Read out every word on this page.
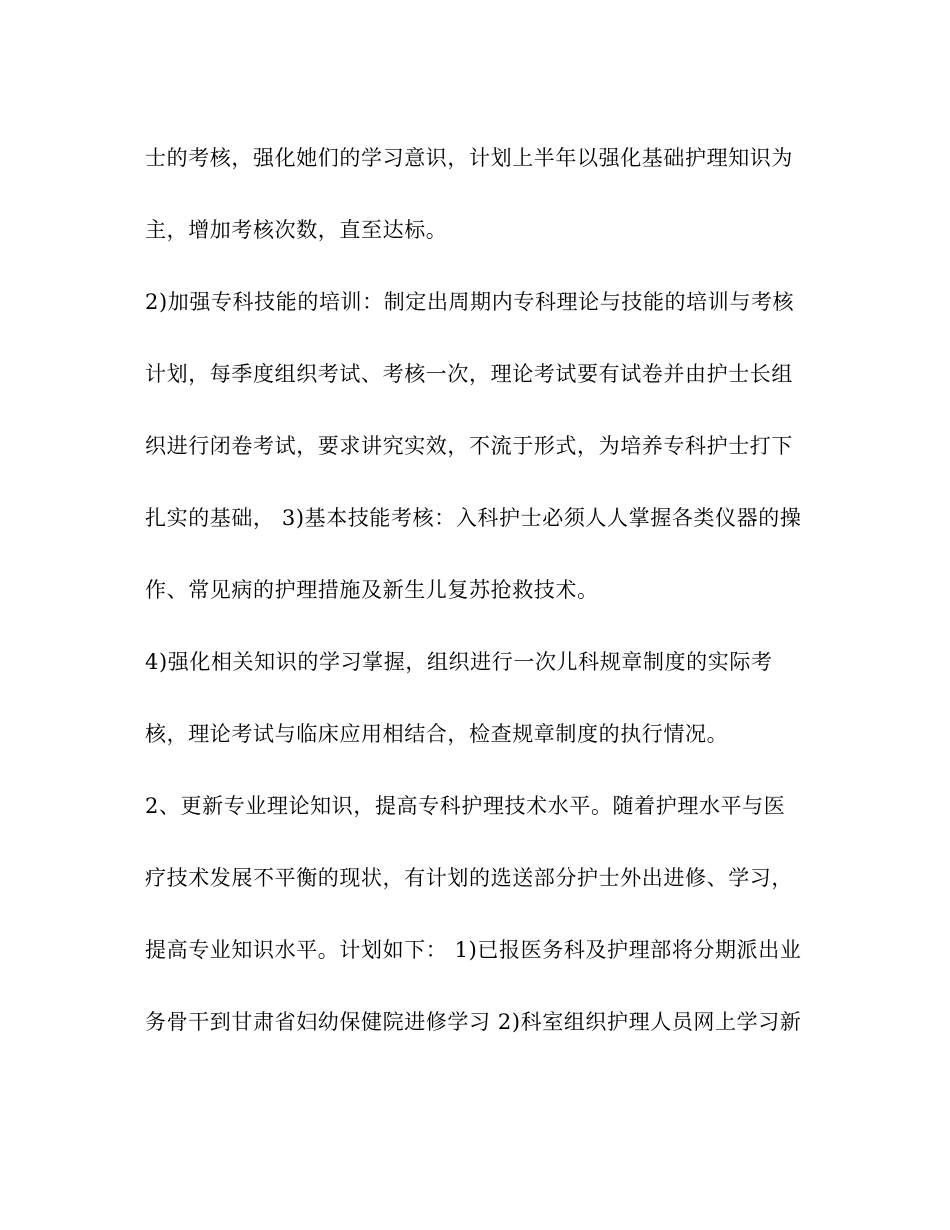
士的考核，强化她们的学习意识，计划上半年以强化基础护理知识为
主，增加考核次数，直至达标。
2)加强专科技能的培训：制定出周期内专科理论与技能的培训与考核
计划，每季度组织考试、考核一次，理论考试要有试卷并由护士长组
织进行闭卷考试，要求讲究实效，不流于形式，为培养专科护士打下
扎实的基础， 3)基本技能考核：入科护士必须人人掌握各类仪器的操
作、常见病的护理措施及新生儿复苏抢救技术。
4)强化相关知识的学习掌握，组织进行一次儿科规章制度的实际考
核，理论考试与临床应用相结合，检查规章制度的执行情况。
2、更新专业理论知识，提高专科护理技术水平。随着护理水平与医
疗技术发展不平衡的现状，有计划的选送部分护士外出进修、学习，
提高专业知识水平。计划如下： 1)已报医务科及护理部将分期派出业
务骨干到甘肃省妇幼保健院进修学习 2)科室组织护理人员网上学习新
